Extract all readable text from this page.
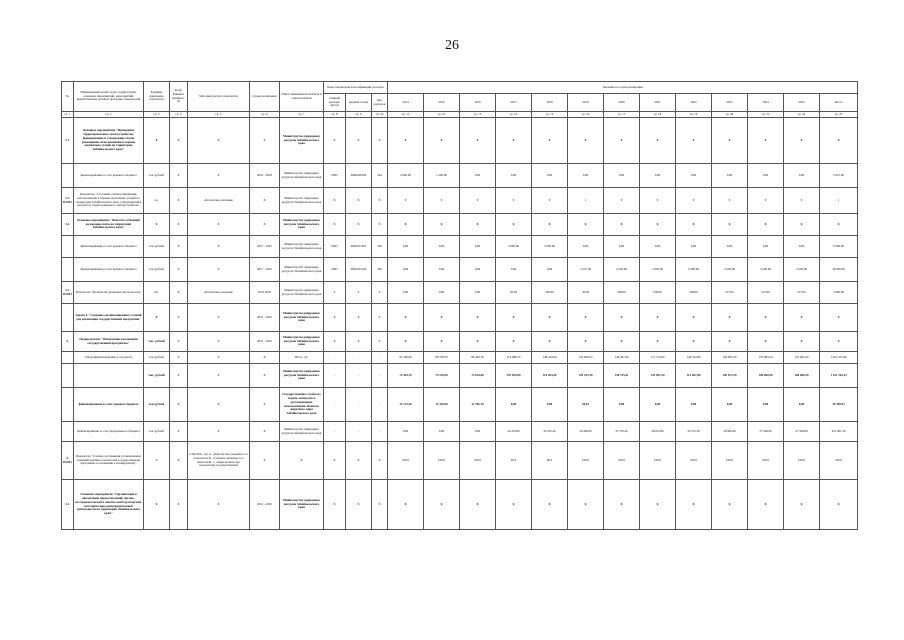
26
№	Наименование целей, задач, подпрограмм, основных мероприятий, мероприятий, ведомственных целевых программ, показателей	Единица измерения показателя	Коэф- фициент значимос- ти	Методика расчета показателя	Сроки реализации	Ответственный исполнитель и соисполнители	Коды бюджетной классификации расходов			Значения по годам реализации												
							главный распоря- дитель	целевая статья	вид расходов	2014	2015	2016	2017	2018	2019	2020	2021	2022	2023	2024	2025	Итого
гр. 1	гр. 2	гр. 3	гр. 4	гр. 5	гр. 6	гр. 7	гр. 8	гр. 9	гр. 10	гр. 11	гр. 12	гр. 13	гр. 14	гр. 15	гр. 16	гр. 17	гр. 18	гр. 19	гр. 20	гр. 21	гр. 22	гр. 23
3.1.	Основное мероприятие "Проведение территориального землеустройства, формирование и утверждение схемы размещения, использования и охраны охотничьих угодий на территории Забайкальского края"	X	X	X	X	Министерство природных ресурсов Забайкальского края	X	X	X	X	X	X	X	X	X	X	X	X	X	X	X	X
	финансирование за счет краевого бюджета	тыс.рублей	X	X	2014 - 2018	Министерство природных ресурсов Забайкальского края	0003	0840240300	244	4 400,00	1 200,00	0,00	0,00	0,00	0,00	0,00	0,00	0,00	0,00	0,00	0,00	5 615,00
3.1. ПЭМ1	Показатель "Состояние схемы размещения, использования и охраны охотничьих угодий на территории Забайкальского края, утвержденной в результате территориального землеустройства"	ед.	X	Абсолютное значение	X	Министерство природных ресурсов Забайкальского края	X	X	X	0	0	0	0	0	1	0	0	0	0	0	0	1
3.2.	Основное мероприятие "Выплата субвенций на ведение охоты на территории Забайкальского края"	X	X	X	X	Министерство природных ресурсов Забайкальского края	X	X	X	X	X	X	X	X	X	X	X	X	X	X	X	X
	финансирование за счет краевого бюджета	тыс.рублей	X	X	2017 - 2025	Министерство природных ресурсов Забайкальского края	0003	0820227403	360	0,00	0,00	0,00	3 900,00	2 000,00	0,00	0,00	0,00	0,00	0,00	0,00	0,00	6 000,00
	финансирование за счет краевого бюджета	тыс.рублей	X	X	2017 - 2025	Министерство природных ресурсов Забайкальского края	0003	0820237420	360	0,00	0,00	0,00	0,00	0,00	2 347,00	3 550,00	2 950,00	5 000,00	4 500,00	4 500,00	4 500,00	28 000,00
3.2. ПЭМ1	Показатель "Количество правовых актов полосы"	шт.	X	Абсолютное значение	2023-2025	Министерство природных ресурсов Забайкальского края	0	0	0	0,00	0,00	0,00	65,00	287,00	30,00	450,00	650,00	540,00	527,00	527,00	527,00	3 000,00
	Задача 4. "Создание организационных условий для реализации государственной программы"	X	X	X	2014 - 2025	Министерство природных ресурсов Забайкальского края	X	X	X	X	X	X	X	X	X	X	X	X	X	X	X	X
4.	Подпрограмма "Обеспечение реализации государственной программы"	тыс. рублей	X	X	2014 - 2025	Министерство природных ресурсов Забайкальского края	X	X	X	X	X	X	X	X	X	X	X	X	X	X	X	X
	объем финансирования, в том числе	тыс.рублей	X	X	X	Итого 1.4.	-	-	-	95 160,00	86 538,70	86 420,70	116 288,70	148 410,00	154 966,32	146 287,99	151 734,00	146 752,80	150 085,20	155 065,20	155 065,20	1 022 333,40
		тыс. рублей	X	X	X	Министерство природных ресурсов Забайкальского края	-	-	-	74 444,70	75 118,50	73 634,00	107 055,00	116 303,00	129 912,30	130 725,41	135 901,20	112 567,00	105 072,30	100 060,50	100 060,50	1 251 363,23
	финансирование за счет краевого бюджета	тыс.рублей	X	X	X	Государственная служба по охране, контролю и регулированию использования объектов животного мира Забайкальского края	-	-	-	15 715,30	11 320,00	11 786,70	0,00	0,00	56,93	0,00	0,00	0,00	0,00	0,00	0,00	39 700,93
	финансирование за счет федерального бюджета	тыс.рублей	X	X	X	Министерство природных ресурсов Забайкальского края	-	-	-	0,00	0,00	0,00	24 224,00	24 255,20	24 906,00	25 750,20	26 653,80	26 115,30	26 982,90	27 594,00	27 594,00	221 061,30
4. ПЭМ1	Показатель "Степень достижения установленных значений целевых показателей государственной программы в отношении к планируемому"	%	X	СЗпп/Nсп, где А - фактическое значение i-го показателя, Б - плановое значение i-го показателя, i - общее количество показателей государственной	X	X	X	X	X	100,0	100,0	100,0	92,4	90,2	100,0	100,0	100,0	100,0	100,0	100,0	100,0	100,0
4.1.	Основное мероприятие "Организация и обеспечение предоставлений, научно-исследовательской и опытно-конструкторской, исполнительно-распорядительной деятельности на территории Забайкальского края"	X	X	X	2014 - 2025	Министерство природных ресурсов Забайкальского края	X	X	X	X	X	X	X	X	X	X	X	X	X	X	X	X
